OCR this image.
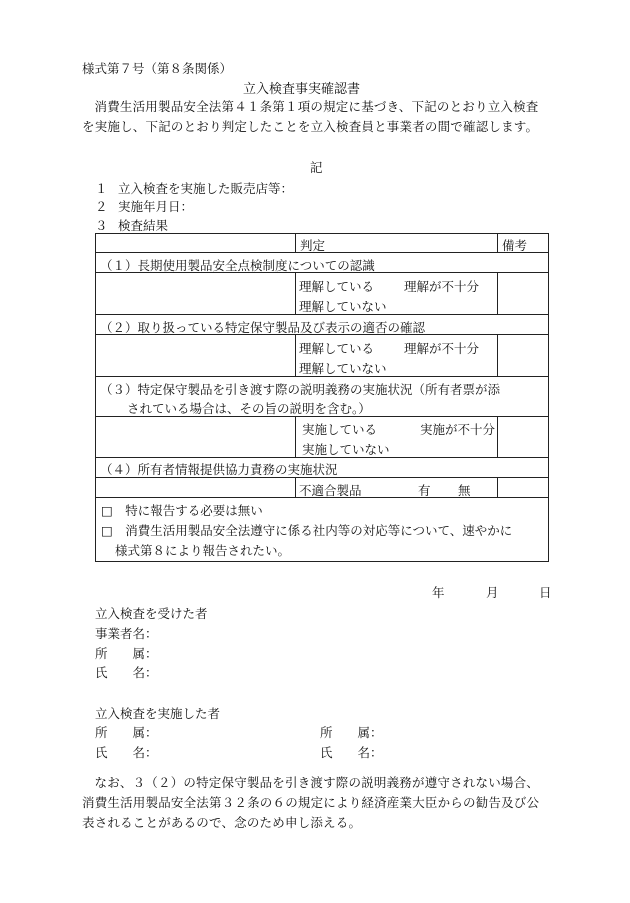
様式第７号（第８条関係）
立入検査事実確認書
消費生活用製品安全法第４１条第１項の規定に基づき、下記のとおり立入検査を実施し、下記のとおり判定したことを立入検査員と事業者の間で確認します。
記
１ 立入検査を実施した販売店等：
２ 実施年月日：
３ 検査結果
判定	備考
（１）長期使用製品安全点検制度についての認識
理解している 理解が不十分
理解していない
（２）取り扱っている特定保守製品及び表示の適否の確認
理解している 理解が不十分
理解していない
（３）特定保守製品を引き渡す際の説明義務の実施状況（所有者票が添
されている場合は、その旨の説明を含む。）
実施している	実施が不十分
実施していない
（４）所有者情報提供協力責務の実施状況
不適合製品	有 無
□　特に報告する必要は無い
□　消費生活用製品安全法遵守に係る社内等の対応等について、速やかに
様式第８により報告されたい。
年	月	日
立入検査を受けた者
事業者名：
所　　属：
氏　　名：
立入検査を実施した者
所　　属：
氏　　名：
所　　属：
氏　　名：
なお、３（２）の特定保守製品を引き渡す際の説明義務が遵守されない場合、消費生活用製品安全法第３２条の６の規定により経済産業大臣からの勧告及び公表されることがあるので、念のため申し添える。
